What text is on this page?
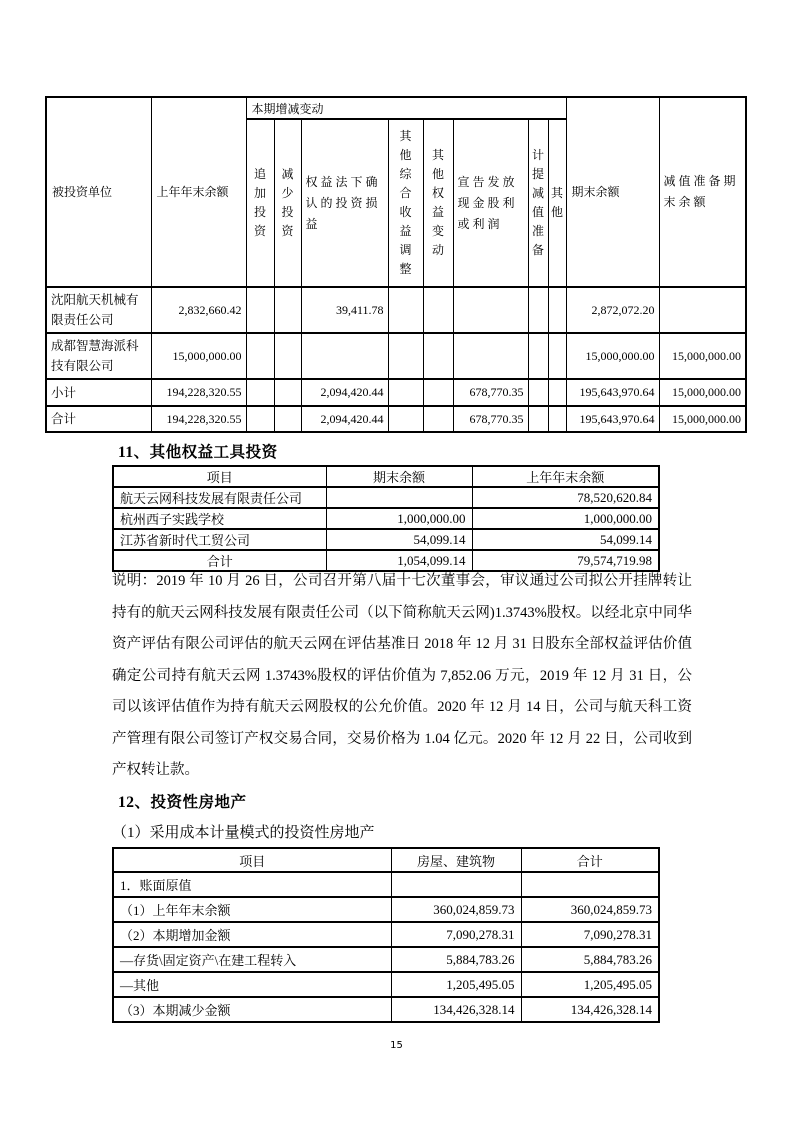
被投资单位	上年年末余额	本期增减变动								期末余额	减值准备期末余额
		追加投资	减少投资	权益法下确认的投资损益	其他综合收益调整	其他权益变动	宣告发放现金股利或利润	计提减值准备	其他		
沈阳航天机械有限责任公司	2,832,660.42			39,411.78						2,872,072.20	
成都智慧海派科技有限公司	15,000,000.00									15,000,000.00	15,000,000.00
小计	194,228,320.55			2,094,420.44			678,770.35			195,643,970.64	15,000,000.00
合计	194,228,320.55			2,094,420.44			678,770.35			195,643,970.64	15,000,000.00
11、其他权益工具投资
项目	期末余额	上年年末余额
航天云网科技发展有限责任公司		78,520,620.84
杭州西子实践学校	1,000,000.00	1,000,000.00
江苏省新时代工贸公司	54,099.14	54,099.14
合计	1,054,099.14	79,574,719.98
说明：2019 年 10 月 26 日，公司召开第八届十七次董事会，审议通过公司拟公开挂牌转让持有的航天云网科技发展有限责任公司（以下简称航天云网)1.3743%股权。以经北京中同华资产评估有限公司评估的航天云网在评估基准日 2018 年 12 月 31 日股东全部权益评估价值确定公司持有航天云网 1.3743%股权的评估价值为 7,852.06 万元，2019 年 12 月 31 日，公司以该评估值作为持有航天云网股权的公允价值。2020 年 12 月 14 日，公司与航天科工资产管理有限公司签订产权交易合同，交易价格为 1.04 亿元。2020 年 12 月 22 日，公司收到产权转让款。
12、投资性房地产
（1）采用成本计量模式的投资性房地产
项目	房屋、建筑物	合计
1．账面原值		
（1）上年年末余额	360,024,859.73	360,024,859.73
（2）本期增加金额	7,090,278.31	7,090,278.31
—存货\固定资产\在建工程转入	5,884,783.26	5,884,783.26
—其他	1,205,495.05	1,205,495.05
（3）本期减少金额	134,426,328.14	134,426,328.14
15
